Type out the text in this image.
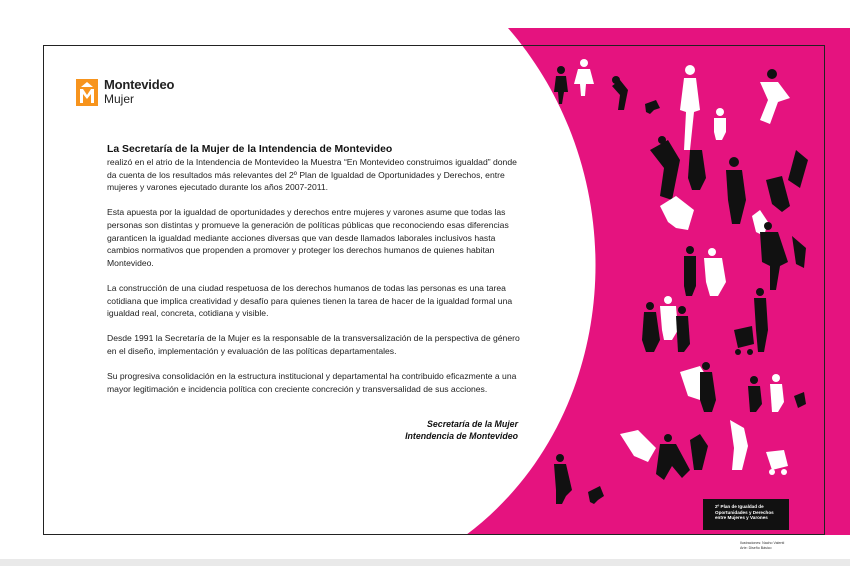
Montevideo
Mujer
La Secretaría de la Mujer de la Intendencia de Montevideo

realizó en el atrio de la Intendencia de Montevideo la Muestra “En Montevideo construimos igualdad” donde da cuenta de los resultados más relevantes del 2º Plan de Igualdad de Oportunidades y Derechos, entre mujeres y varones ejecutado durante los años 2007-2011.

Esta apuesta por la igualdad de oportunidades y derechos entre mujeres y varones asume que todas las personas son distintas y promueve la generación de políticas públicas que reconociendo esas diferencias garanticen la igualdad mediante acciones diversas que van desde llamados laborales inclusivos hasta cambios normativos que propenden a promover y proteger los derechos humanos de quienes habitan Montevideo.

La construcción de una ciudad respetuosa de los derechos humanos de todas las personas es una tarea cotidiana que implica creatividad y desafío para quienes tienen la tarea de hacer de la igualdad formal una igualdad real, concreta, cotidiana y visible.

Desde 1991 la Secretaría de la Mujer es la responsable de la transversalización de la perspectiva de género en el diseño, implementación y evaluación de las políticas departamentales.

Su progresiva consolidación en la estructura institucional y departamental ha contribuido eficazmente a una mayor legitimación e incidencia política con creciente concreción y transversalidad de sus acciones.

Secretaría de la Mujer
Intendencia de Montevideo
2º Plan de Igualdad de
Oportunidades y Derechos
entre Mujeres y Varones
Ilustraciones: Nacho Valenti
Arte: Diseño Básico
